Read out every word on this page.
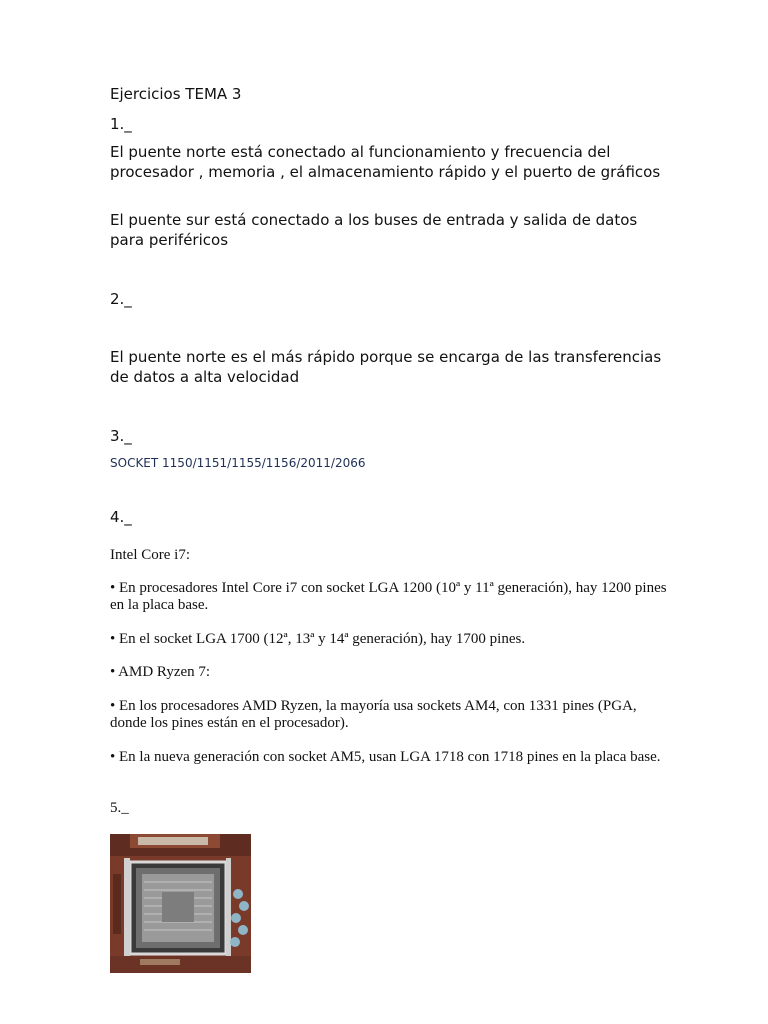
Ejercicios TEMA 3

1._

El puente norte está conectado al funcionamiento y frecuencia del procesador , memoria , el almacenamiento rápido y el puerto de gráficos

El puente sur está conectado a los buses de entrada y salida de datos para periféricos

2._

El puente norte es el más rápido porque se encarga de las transferencias de datos a alta velocidad

3._

SOCKET 1150/1151/1155/1156/2011/2066

4._

Intel Core i7:

• En procesadores Intel Core i7 con socket LGA 1200 (10ª y 11ª generación), hay 1200 pines en la placa base.

• En el socket LGA 1700 (12ª, 13ª y 14ª generación), hay 1700 pines.

• AMD Ryzen 7:

• En los procesadores AMD Ryzen, la mayoría usa sockets AM4, con 1331 pines (PGA, donde los pines están en el procesador).

• En la nueva generación con socket AM5, usan LGA 1718 con 1718 pines en la placa base.

5._
